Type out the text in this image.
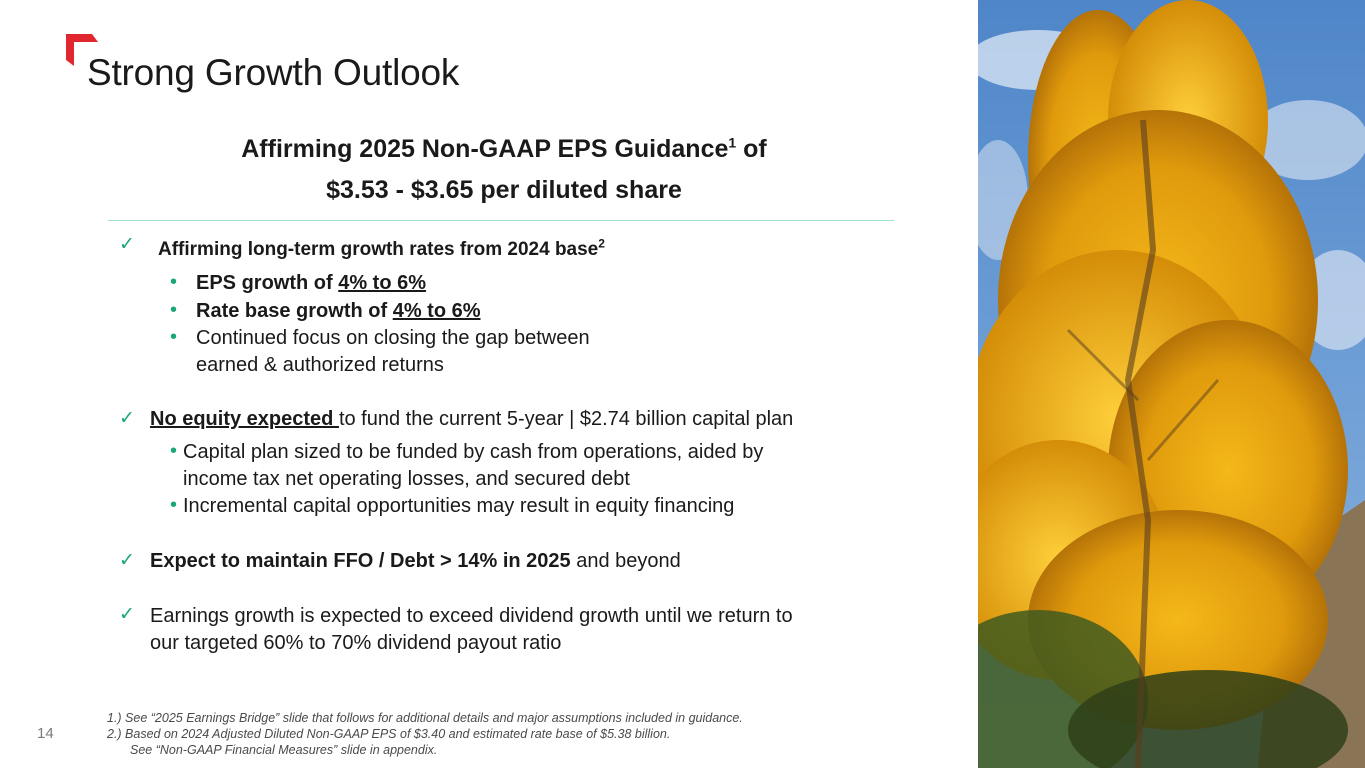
Strong Growth Outlook
Affirming 2025 Non-GAAP EPS Guidance$^1$ of
$3.53 - $3.65 per diluted share
✓ Affirming long-term growth rates from 2024 base$^2$
• EPS growth of 4% to 6%
• Rate base growth of 4% to 6%
• Continued focus on closing the gap between
earned & authorized returns
✓ No equity expected to fund the current 5-year | $2.74 billion capital plan
• Capital plan sized to be funded by cash from operations, aided by
income tax net operating losses, and secured debt
• Incremental capital opportunities may result in equity financing
✓ Expect to maintain FFO / Debt > 14% in 2025 and beyond
✓ Earnings growth is expected to exceed dividend growth until we return to
our targeted 60% to 70% dividend payout ratio
14
1.) See “2025 Earnings Bridge” slide that follows for additional details and major assumptions included in guidance.
2.) Based on 2024 Adjusted Diluted Non-GAAP EPS of $3.40 and estimated rate base of $5.38 billion.
See “Non-GAAP Financial Measures” slide in appendix.
